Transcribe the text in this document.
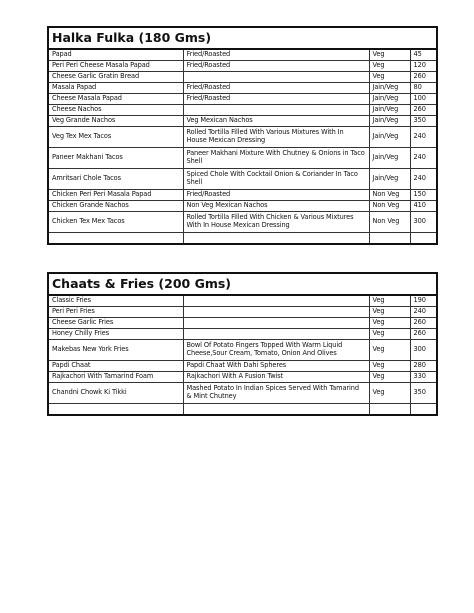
Halka Fulka (180 Gms)			
Papad	Fried/Roasted	Veg	45
Peri Peri Cheese Masala Papad	Fried/Roasted	Veg	120
Cheese Garlic Gratin Bread		Veg	260
Masala Papad	Fried/Roasted	Jain/Veg	80
Cheese Masala Papad	Fried/Roasted	Jain/Veg	100
Cheese Nachos		Jain/Veg	260
Veg Grande Nachos	Veg Mexican Nachos	Jain/Veg	350
Veg Tex Mex Tacos	Rolled Tortilla Filled With Various Mixtures With In House Mexican Dressing	Jain/Veg	240
Paneer Makhani Tacos	Paneer Makhani Mixture With Chutney & Onions in Taco Shell	Jain/Veg	240
Amritsari Chole Tacos	Spiced Chole With Cocktail Onion & Coriander In Taco Shell	Jain/Veg	240
Chicken Peri Peri Masala Papad	Fried/Roasted	Non Veg	150
Chicken Grande Nachos	Non Veg Mexican Nachos	Non Veg	410
Chicken Tex Mex Tacos	Rolled Tortilla Filled With Chicken & Various Mixtures With In House Mexican Dressing	Non Veg	300

Chaats & Fries (200 Gms)			
Classic Fries		Veg	190
Peri Peri Fries		Veg	240
Cheese Garlic Fries		Veg	260
Honey Chilly Fries		Veg	260
Makebas New York Fries	Bowl Of Potato Fingers Topped With Warm Liquid Cheese,Sour Cream, Tomato, Onion And Olives	Veg	300
Papdi Chaat	Papdi Chaat With Dahi Spheres	Veg	280
Rajkachori With Tamarind Foam	Rajkachori With A Fusion Twist	Veg	330
Chandni Chowk Ki Tikki	Mashed Potato In Indian Spices Served With Tamarind & Mint Chutney	Veg	350
